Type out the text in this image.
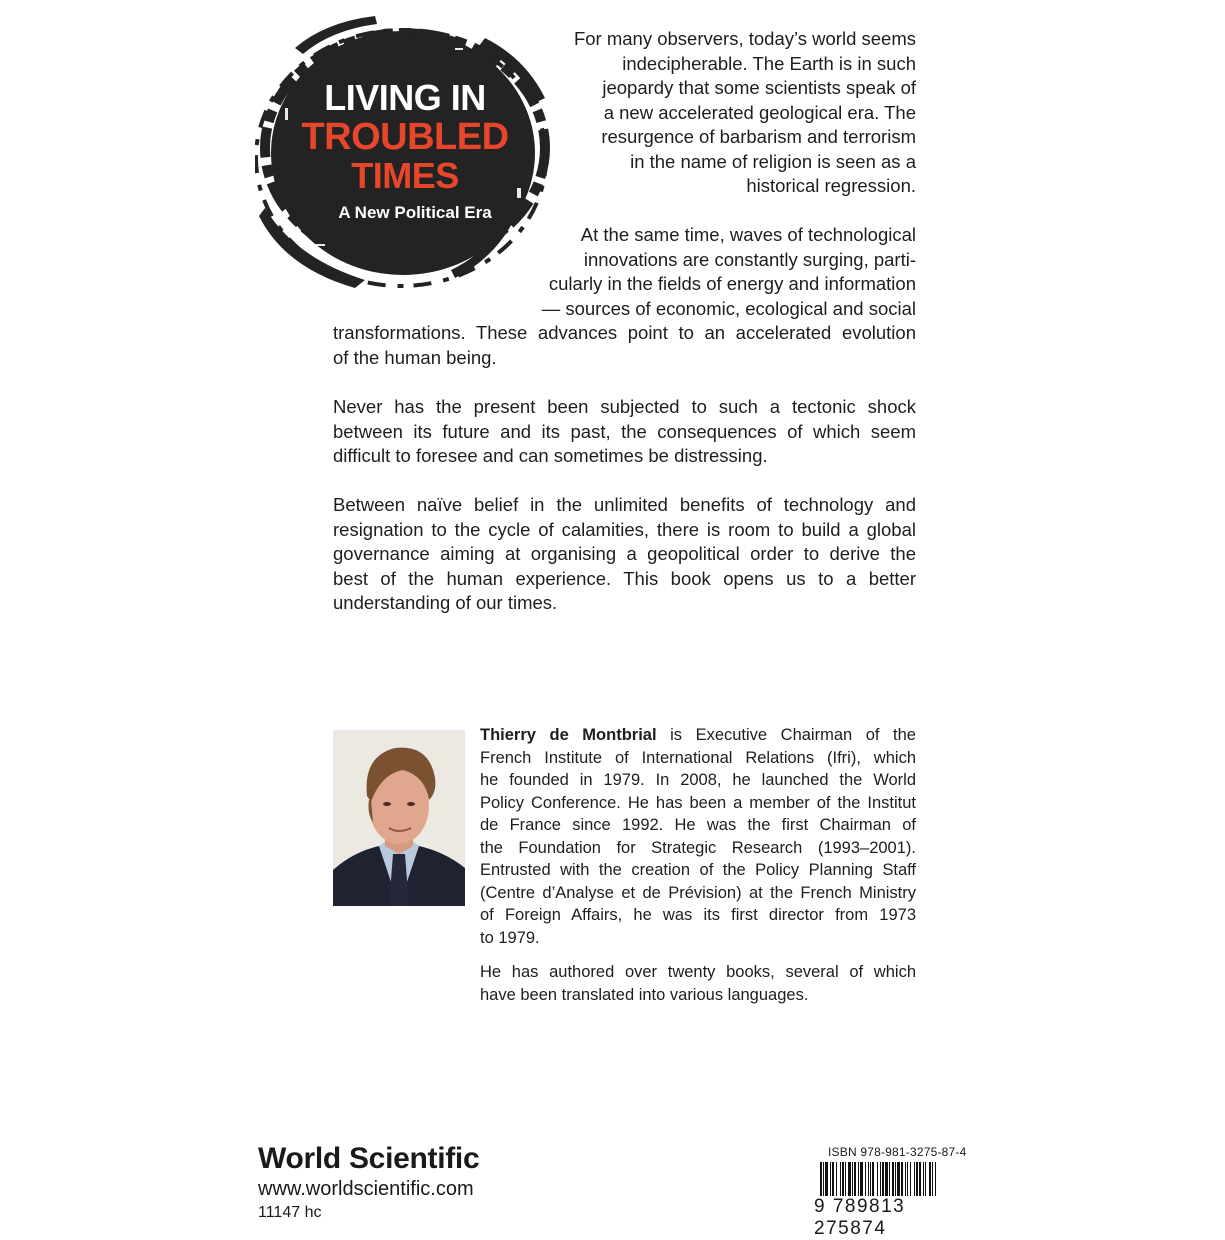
LIVING IN
TROUBLED
TIMES
A New Political Era
For many observers, today’s world seems
indecipherable. The Earth is in such
jeopardy that some scientists speak of
a new accelerated geological era. The
resurgence of barbarism and terrorism
in the name of religion is seen as a
historical regression.
At the same time, waves of technological
innovations are constantly surging, parti-
cularly in the fields of energy and information
— sources of economic, ecological and social
transformations. These advances point to an accelerated evolution
of the human being.
Never has the present been subjected to such a tectonic shock
between its future and its past, the consequences of which seem
difficult to foresee and can sometimes be distressing.
Between naïve belief in the unlimited benefits of technology and
resignation to the cycle of calamities, there is room to build a global
governance aiming at organising a geopolitical order to derive the
best of the human experience. This book opens us to a better
understanding of our times.
Thierry de Montbrial is Executive Chairman of the
French Institute of International Relations (Ifri), which
he founded in 1979. In 2008, he launched the World
Policy Conference. He has been a member of the Institut
de France since 1992. He was the first Chairman of
the Foundation for Strategic Research (1993–2001).
Entrusted with the creation of the Policy Planning Staff
(Centre d’Analyse et de Prévision) at the French Ministry
of Foreign Affairs, he was its first director from 1973
to 1979.
He has authored over twenty books, several of which
have been translated into various languages.
World Scientific
www.worldscientific.com
11147 hc
ISBN 978-981-3275-87-4
9 789813 275874
